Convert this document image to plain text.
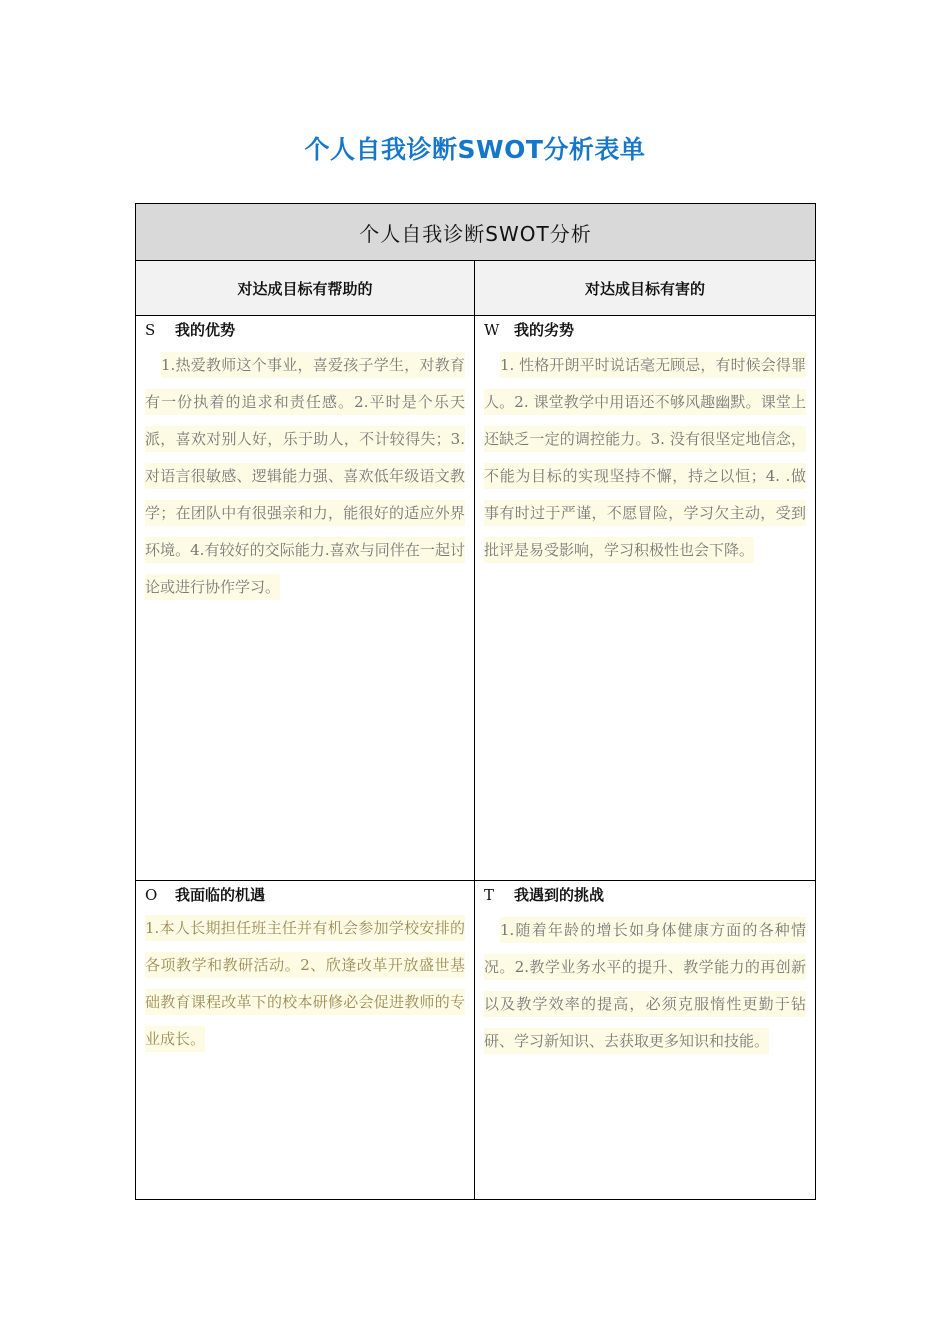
个人自我诊断SWOT分析表单
个人自我诊断SWOT分析
对达成目标有帮助的	对达成目标有害的
S 我的优势
1.热爱教师这个事业，喜爱孩子学生，对教育有一份执着的追求和责任感。2.平时是个乐天派，喜欢对别人好，乐于助人，不计较得失；3.对语言很敏感、逻辑能力强、喜欢低年级语文教学；在团队中有很强亲和力，能很好的适应外界环境。4.有较好的交际能力.喜欢与同伴在一起讨论或进行协作学习。
W 我的劣势
1. 性格开朗平时说话毫无顾忌，有时候会得罪人。2. 课堂教学中用语还不够风趣幽默。课堂上还缺乏一定的调控能力。3. 没有很坚定地信念，不能为目标的实现坚持不懈，持之以恒；4. .做事有时过于严谨，不愿冒险，学习欠主动，受到批评是易受影响，学习积极性也会下降。
O 我面临的机遇
1.本人长期担任班主任并有机会参加学校安排的各项教学和教研活动。2、欣逢改革开放盛世基础教育课程改革下的校本研修必会促进教师的专业成长。
T 我遇到的挑战
1.随着年龄的增长如身体健康方面的各种情况。2.教学业务水平的提升、教学能力的再创新以及教学效率的提高，必须克服惰性更勤于钻研、学习新知识、去获取更多知识和技能。
